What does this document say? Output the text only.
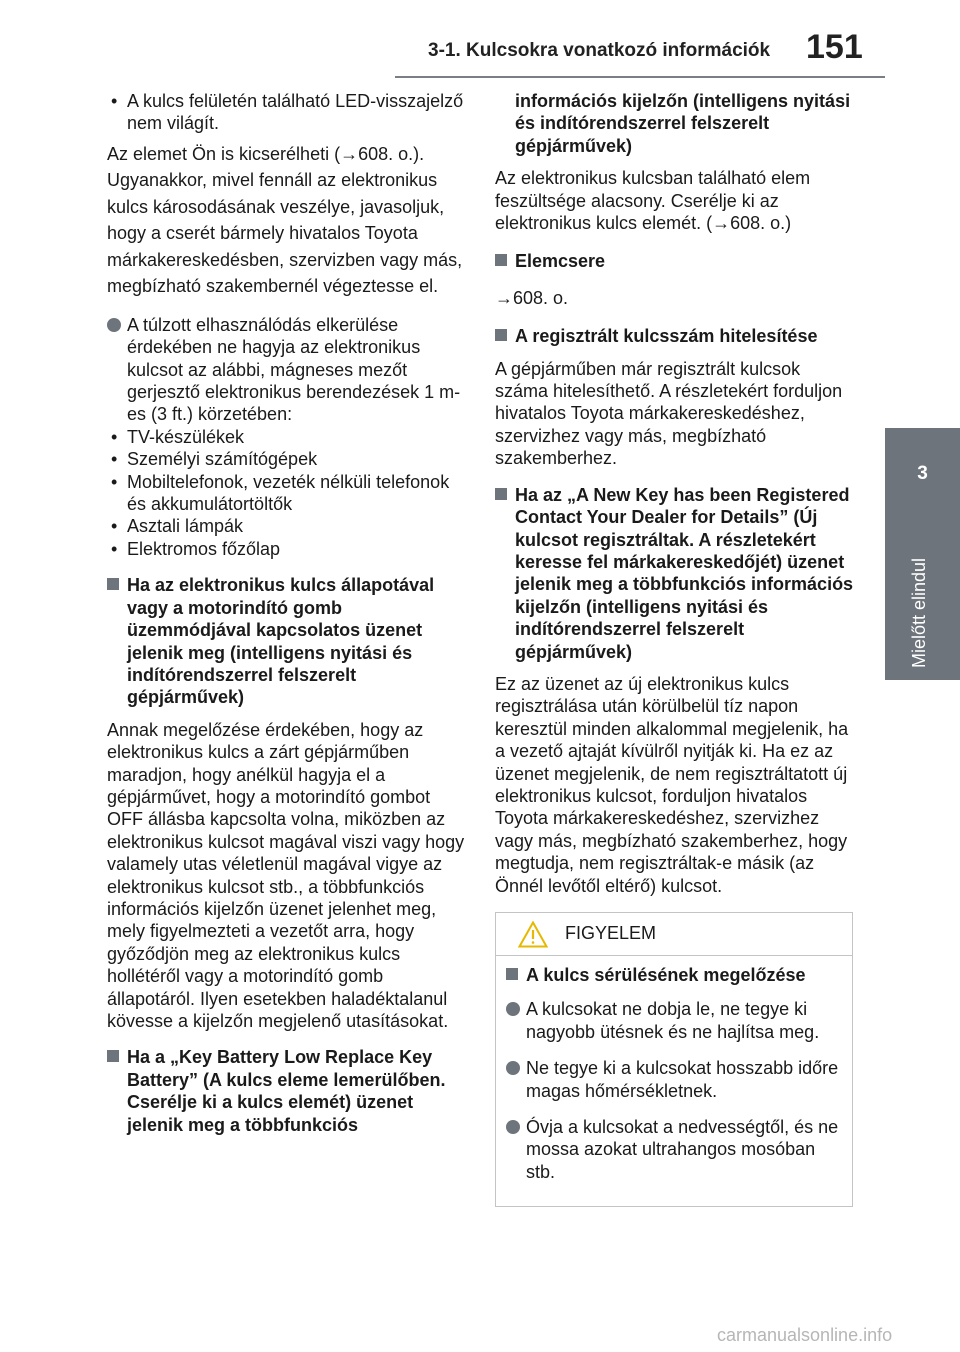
3-1. Kulcsokra vonatkozó információk 151
3
Mielőtt elindul
• A kulcs felületén található LED-visszajelző nem világít.

Az elemet Ön is kicserélheti (→608. o.). Ugyanakkor, mivel fennáll az elektronikus kulcs károsodásának veszélye, javasoljuk, hogy a cserét bármely hivatalos Toyota márkakereskedésben, szervizben vagy más, megbízható szakembernél végeztesse el.

A túlzott elhasználódás elkerülése érdekében ne hagyja az elektronikus kulcsot az alábbi, mágneses mezőt gerjesztő elektronikus berendezések 1 m-es (3 ft.) körzetében:

• TV-készülékek

• Személyi számítógépek

• Mobiltelefonok, vezeték nélküli telefonok és akkumulátortöltők

• Asztali lámpák

• Elektromos főzőlap

Ha az elektronikus kulcs állapotával vagy a motorindító gomb üzemmódjával kapcsolatos üzenet jelenik meg (intelligens nyitási és indítórendszerrel felszerelt gépjárművek)

Annak megelőzése érdekében, hogy az elektronikus kulcs a zárt gépjárműben maradjon, hogy anélkül hagyja el a gépjárművet, hogy a motorindító gombot OFF állásba kapcsolta volna, miközben az elektronikus kulcsot magával viszi vagy hogy valamely utas véletlenül magával vigye az elektronikus kulcsot stb., a többfunkciós információs kijelzőn üzenet jelenhet meg, mely figyelmezteti a vezetőt arra, hogy győződjön meg az elektronikus kulcs hollétéről vagy a motorindító gomb állapotáról. Ilyen esetekben haladéktalanul kövesse a kijelzőn megjelenő utasításokat.

Ha a „Key Battery Low Replace Key Battery” (A kulcs eleme lemerülőben. Cserélje ki a kulcs elemét) üzenet jelenik meg a többfunkciós

információs kijelzőn (intelligens nyitási és indítórendszerrel felszerelt gépjárművek)

Az elektronikus kulcsban található elem feszültsége alacsony. Cserélje ki az elektronikus kulcs elemét. (→608. o.)

Elemcsere

→608. o.

A regisztrált kulcsszám hitelesítése

A gépjárműben már regisztrált kulcsok száma hitelesíthető. A részletekért forduljon hivatalos Toyota márkakereskedéshez, szervizhez vagy más, megbízható szakemberhez.

Ha az „A New Key has been Registered Contact Your Dealer for Details” (Új kulcsot regisztráltak. A részletekért keresse fel márkakereskedőjét) üzenet jelenik meg a többfunkciós információs kijelzőn (intelligens nyitási és indítórendszerrel felszerelt gépjárművek)

Ez az üzenet az új elektronikus kulcs regisztrálása után körülbelül tíz napon keresztül minden alkalommal megjelenik, ha a vezető ajtaját kívülről nyitják ki. Ha ez az üzenet megjelenik, de nem regisztráltatott új elektronikus kulcsot, forduljon hivatalos Toyota márkakereskedéshez, szervizhez vagy más, megbízható szakemberhez, hogy megtudja, nem regisztráltak-e másik (az Önnél levőtől eltérő) kulcsot.

FIGYELEM

A kulcs sérülésének megelőzése

A kulcsokat ne dobja le, ne tegye ki nagyobb ütésnek és ne hajlítsa meg.

Ne tegye ki a kulcsokat hosszabb időre magas hőmérsékletnek.

Óvja a kulcsokat a nedvességtől, és ne mossa azokat ultrahangos mosóban stb.

carmanualsonline.info
